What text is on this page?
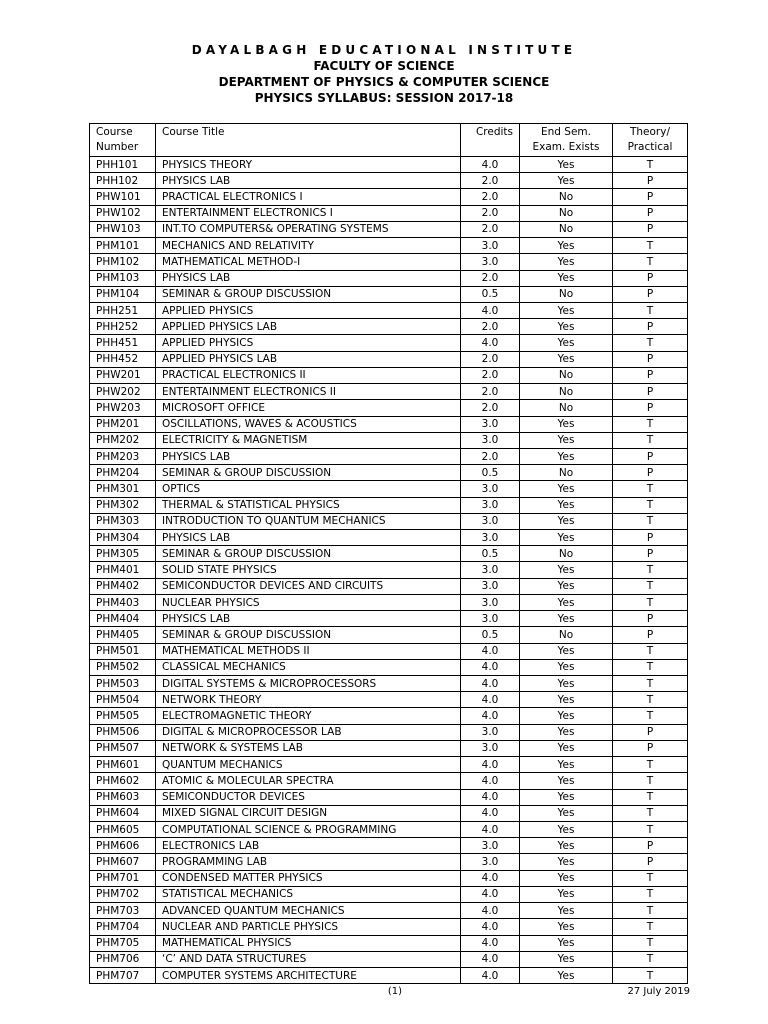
DAYALBAGH EDUCATIONAL INSTITUTE
FACULTY OF SCIENCE
DEPARTMENT OF PHYSICS & COMPUTER SCIENCE
PHYSICS SYLLABUS: SESSION 2017-18
Course Number	Course Title	Credits	End Sem. Exam. Exists	Theory/ Practical
PHH101	PHYSICS THEORY	4.0	Yes	T
PHH102	PHYSICS LAB	2.0	Yes	P
PHW101	PRACTICAL ELECTRONICS I	2.0	No	P
PHW102	ENTERTAINMENT ELECTRONICS I	2.0	No	P
PHW103	INT.TO COMPUTERS& OPERATING SYSTEMS	2.0	No	P
PHM101	MECHANICS AND RELATIVITY	3.0	Yes	T
PHM102	MATHEMATICAL METHOD-I	3.0	Yes	T
PHM103	PHYSICS LAB	2.0	Yes	P
PHM104	SEMINAR & GROUP DISCUSSION	0.5	No	P
PHH251	APPLIED PHYSICS	4.0	Yes	T
PHH252	APPLIED PHYSICS LAB	2.0	Yes	P
PHH451	APPLIED PHYSICS	4.0	Yes	T
PHH452	APPLIED PHYSICS LAB	2.0	Yes	P
PHW201	PRACTICAL ELECTRONICS II	2.0	No	P
PHW202	ENTERTAINMENT ELECTRONICS II	2.0	No	P
PHW203	MICROSOFT OFFICE	2.0	No	P
PHM201	OSCILLATIONS, WAVES & ACOUSTICS	3.0	Yes	T
PHM202	ELECTRICITY & MAGNETISM	3.0	Yes	T
PHM203	PHYSICS LAB	2.0	Yes	P
PHM204	SEMINAR & GROUP DISCUSSION	0.5	No	P
PHM301	OPTICS	3.0	Yes	T
PHM302	THERMAL & STATISTICAL PHYSICS	3.0	Yes	T
PHM303	INTRODUCTION TO QUANTUM MECHANICS	3.0	Yes	T
PHM304	PHYSICS LAB	3.0	Yes	P
PHM305	SEMINAR & GROUP DISCUSSION	0.5	No	P
PHM401	SOLID STATE PHYSICS	3.0	Yes	T
PHM402	SEMICONDUCTOR DEVICES AND CIRCUITS	3.0	Yes	T
PHM403	NUCLEAR PHYSICS	3.0	Yes	T
PHM404	PHYSICS LAB	3.0	Yes	P
PHM405	SEMINAR & GROUP DISCUSSION	0.5	No	P
PHM501	MATHEMATICAL METHODS II	4.0	Yes	T
PHM502	CLASSICAL MECHANICS	4.0	Yes	T
PHM503	DIGITAL SYSTEMS & MICROPROCESSORS	4.0	Yes	T
PHM504	NETWORK THEORY	4.0	Yes	T
PHM505	ELECTROMAGNETIC THEORY	4.0	Yes	T
PHM506	DIGITAL & MICROPROCESSOR LAB	3.0	Yes	P
PHM507	NETWORK & SYSTEMS LAB	3.0	Yes	P
PHM601	QUANTUM MECHANICS	4.0	Yes	T
PHM602	ATOMIC & MOLECULAR SPECTRA	4.0	Yes	T
PHM603	SEMICONDUCTOR DEVICES	4.0	Yes	T
PHM604	MIXED SIGNAL CIRCUIT DESIGN	4.0	Yes	T
PHM605	COMPUTATIONAL SCIENCE & PROGRAMMING	4.0	Yes	T
PHM606	ELECTRONICS LAB	3.0	Yes	P
PHM607	PROGRAMMING LAB	3.0	Yes	P
PHM701	CONDENSED MATTER PHYSICS	4.0	Yes	T
PHM702	STATISTICAL MECHANICS	4.0	Yes	T
PHM703	ADVANCED QUANTUM MECHANICS	4.0	Yes	T
PHM704	NUCLEAR AND PARTICLE PHYSICS	4.0	Yes	T
PHM705	MATHEMATICAL PHYSICS	4.0	Yes	T
PHM706	‘C’ AND DATA STRUCTURES	4.0	Yes	T
PHM707	COMPUTER SYSTEMS ARCHITECTURE	4.0	Yes	T
(1)	27 July 2019
